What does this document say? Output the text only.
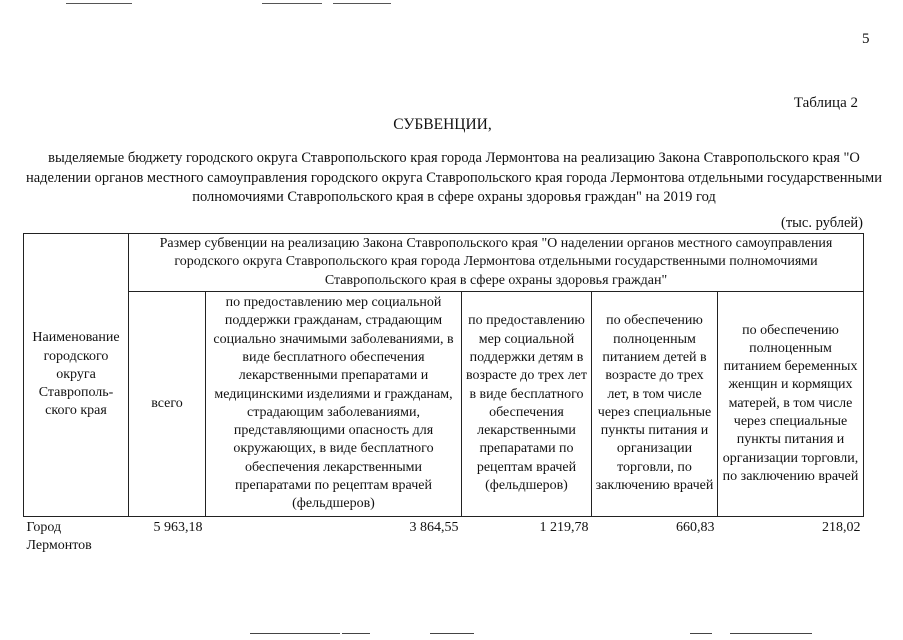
5
Таблица 2
СУБВЕНЦИИ,
выделяемые бюджету городского округа Ставропольского края города Лермонтова на реализацию Закона Ставропольского края "О наделении органов местного самоуправления городского округа Ставропольского края города Лермонтова отдельными государственными полномочиями Ставропольского края в сфере охраны здоровья граждан" на 2019 год
(тыс. рублей)
Наименование городского округа Ставрополь-ского края	Размер субвенции на реализацию Закона Ставропольского края "О наделении органов местного самоуправления городского округа Ставропольского края города Лермонтова отдельными государственными полномочиями Ставропольского края в сфере охраны здоровья граждан"				
	всего	по предоставлению мер социальной поддержки гражданам, страдающим социально значимыми заболеваниями, в виде бесплатного обеспечения лекарственными препаратами и медицинскими изделиями и гражданам, страдающим заболеваниями, представляющими опасность для окружающих, в виде бесплатного обеспечения лекарственными препаратами по рецептам врачей (фельдшеров)	по предоставлению мер социальной поддержки детям в возрасте до трех лет в виде бесплатного обеспечения лекарственными препаратами по рецептам врачей (фельдшеров)	по обеспечению полноценным питанием детей в возрасте до трех лет, в том числе через специальные пункты питания и организации торговли, по заключению врачей	по обеспечению полноценным питанием беременных женщин и кормящих матерей, в том числе через специальные пункты питания и организации торговли, по заключению врачей
Город Лермонтов	5 963,18	3 864,55	1 219,78	660,83	218,02
